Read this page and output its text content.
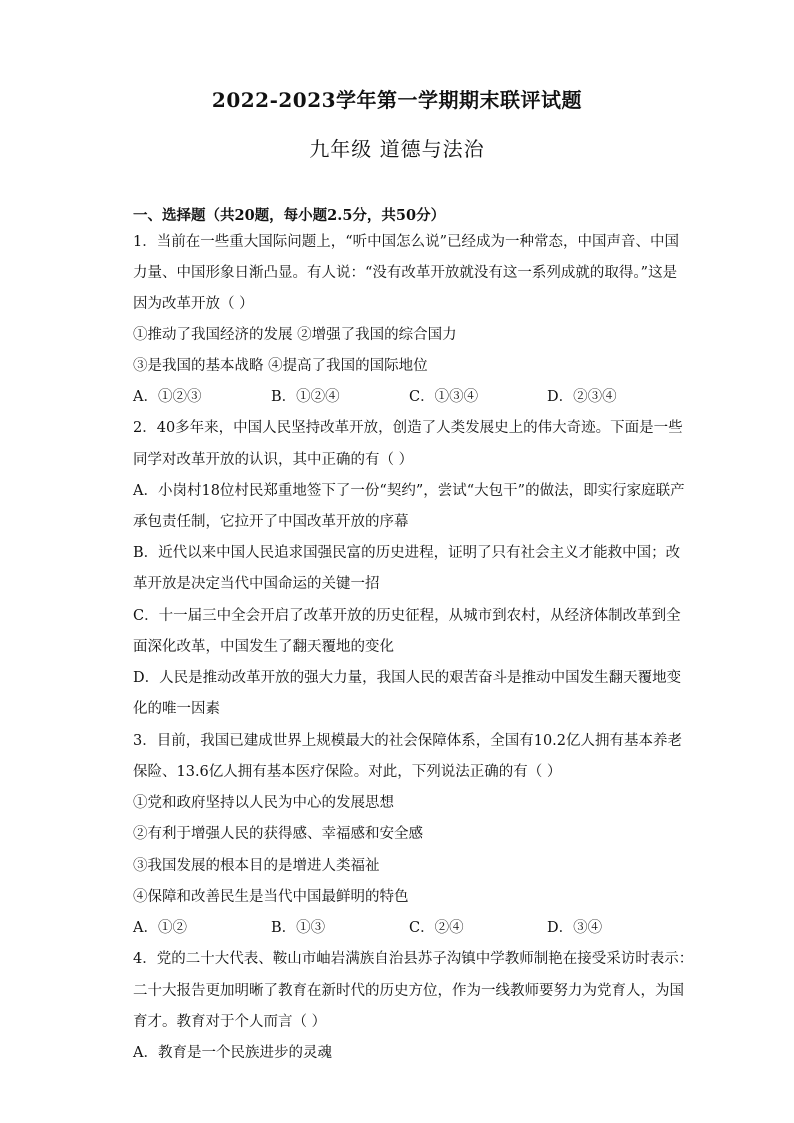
2022-2023学年第一学期期末联评试题
九年级 道德与法治
一、选择题（共20题，每小题2.5分，共50分）
1．当前在一些重大国际问题上，“听中国怎么说”已经成为一种常态，中国声音、中国
力量、中国形象日渐凸显。有人说：“没有改革开放就没有这一系列成就的取得。”这是
因为改革开放（ ）
①推动了我国经济的发展 ②增强了我国的综合国力
③是我国的基本战略 ④提高了我国的国际地位
A．①②③	B．①②④	C．①③④	D．②③④
2．40多年来，中国人民坚持改革开放，创造了人类发展史上的伟大奇迹。下面是一些
同学对改革开放的认识，其中正确的有（ ）
A．小岗村18位村民郑重地签下了一份“契约”，尝试“大包干”的做法，即实行家庭联产
承包责任制，它拉开了中国改革开放的序幕
B．近代以来中国人民追求国强民富的历史进程，证明了只有社会主义才能救中国；改
革开放是决定当代中国命运的关键一招
C．十一届三中全会开启了改革开放的历史征程，从城市到农村，从经济体制改革到全
面深化改革，中国发生了翻天覆地的变化
D．人民是推动改革开放的强大力量，我国人民的艰苦奋斗是推动中国发生翻天覆地变
化的唯一因素
3．目前，我国已建成世界上规模最大的社会保障体系，全国有10.2亿人拥有基本养老
保险、13.6亿人拥有基本医疗保险。对此，下列说法正确的有（ ）
①党和政府坚持以人民为中心的发展思想
②有利于增强人民的获得感、幸福感和安全感
③我国发展的根本目的是增进人类福祉
④保障和改善民生是当代中国最鲜明的特色
A．①②	B．①③	C．②④	D．③④
4．党的二十大代表、鞍山市岫岩满族自治县苏子沟镇中学教师制艳在接受采访时表示：
二十大报告更加明晰了教育在新时代的历史方位，作为一线教师要努力为党育人，为国
育才。教育对于个人而言（ ）
A．教育是一个民族进步的灵魂
